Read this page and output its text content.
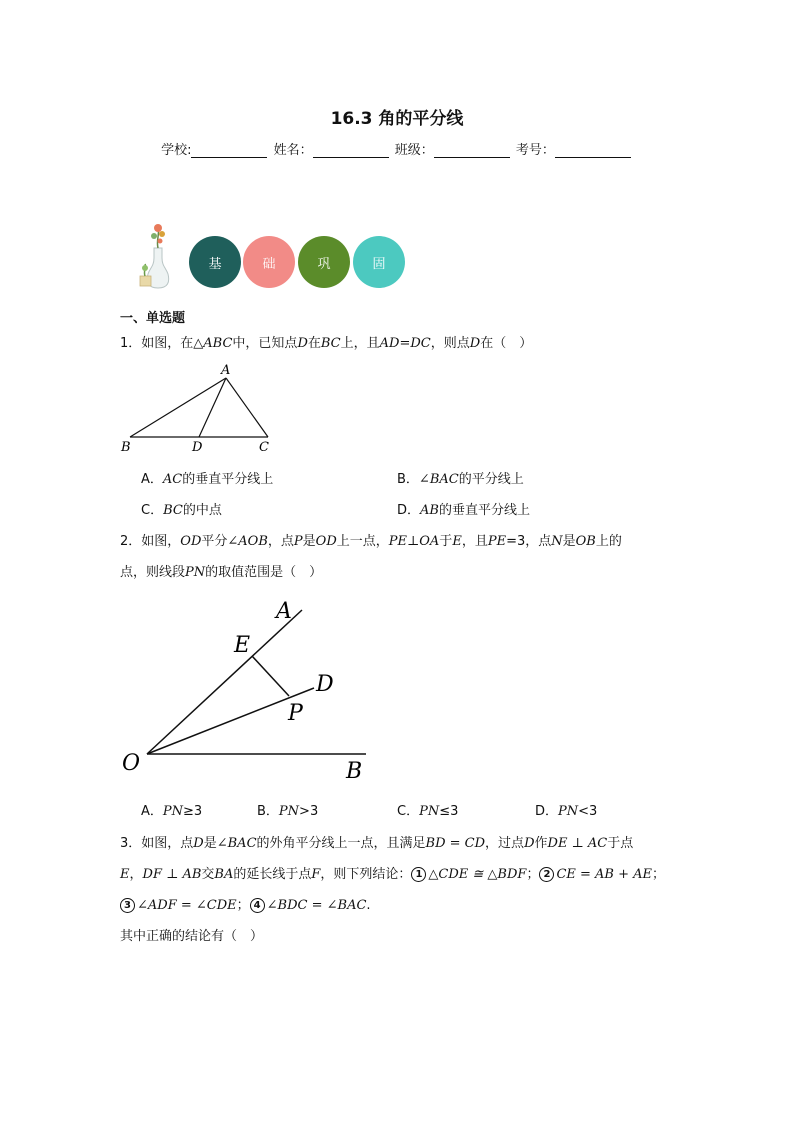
16.3 角的平分线
学校:	姓名：	班级：	考号：
基	础	巩	固
一、单选题
1．如图，在△ABC中，已知点D在BC上，且AD=DC，则点D在（　）
A
B	D	C
A．AC的垂直平分线上	B．∠BAC的平分线上
C．BC的中点	D．AB的垂直平分线上
2．如图，OD平分∠AOB，点P是OD上一点，PE⊥OA于E，且PE=3，点N是OB上的
点，则线段PN的取值范围是（　）
A
E
D
P
O	B
A．PN≥3	B．PN>3	C．PN≤3	D．PN<3
3．如图，点D是∠BAC的外角平分线上一点，且满足BD = CD，过点D作DE ⊥ AC于点
E，DF ⊥ AB交BA的延长线于点F，则下列结论： 1 △CDE ≅ △BDF； 2 CE = AB + AE；
3 ∠ADF = ∠CDE； 4 ∠BDC = ∠BAC.
其中正确的结论有（　）
